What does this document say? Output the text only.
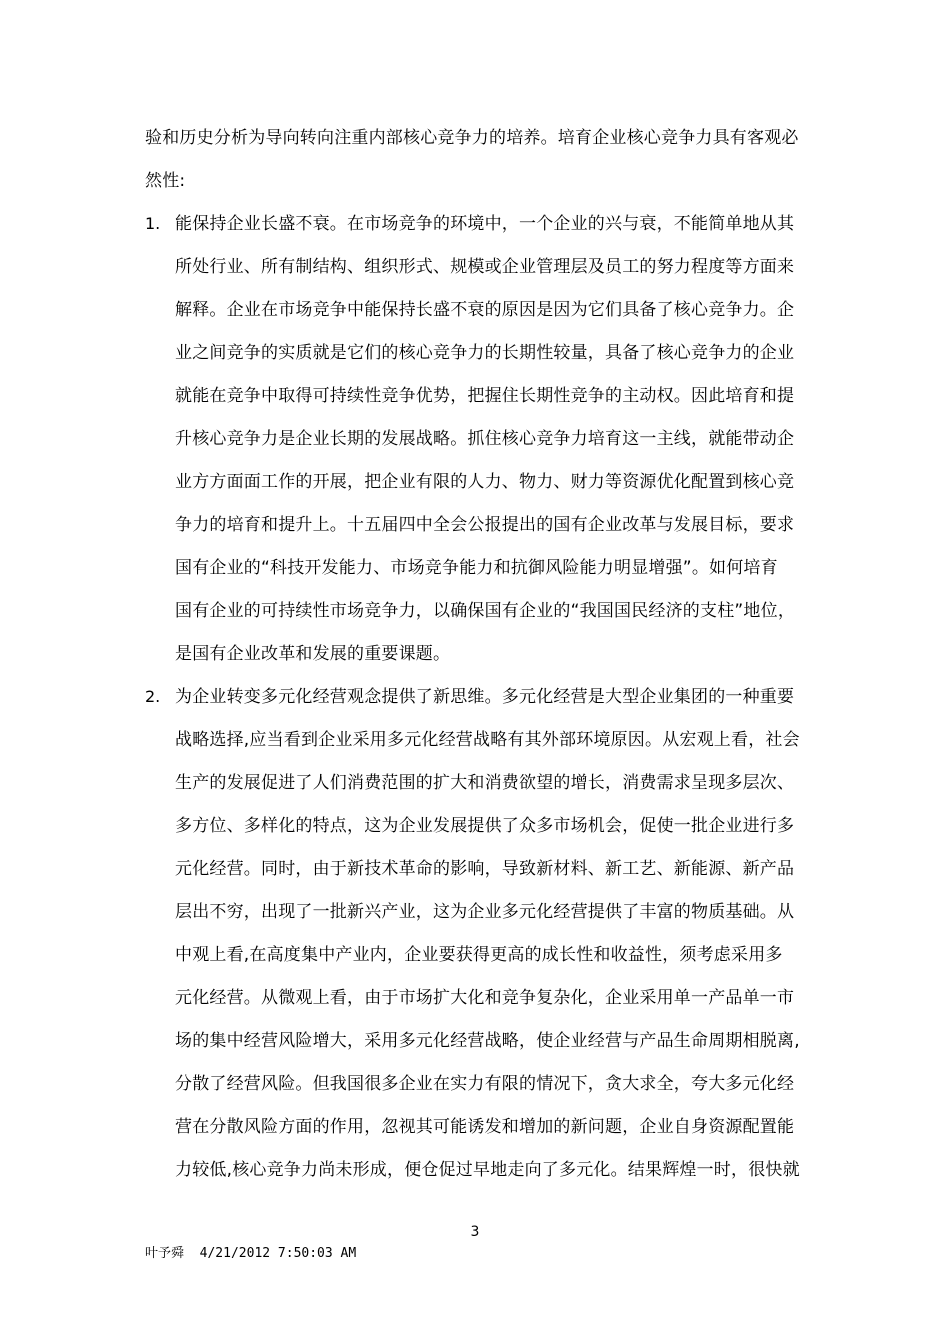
验和历史分析为导向转向注重内部核心竞争力的培养。培育企业核心竞争力具有客观必
然性:
1. 能保持企业长盛不衰。在市场竞争的环境中，一个企业的兴与衰，不能简单地从其
所处行业、所有制结构、组织形式、规模或企业管理层及员工的努力程度等方面来
解释。企业在市场竞争中能保持长盛不衰的原因是因为它们具备了核心竞争力。企
业之间竞争的实质就是它们的核心竞争力的长期性较量，具备了核心竞争力的企业
就能在竞争中取得可持续性竞争优势，把握住长期性竞争的主动权。因此培育和提
升核心竞争力是企业长期的发展战略。抓住核心竞争力培育这一主线，就能带动企
业方方面面工作的开展，把企业有限的人力、物力、财力等资源优化配置到核心竞
争力的培育和提升上。十五届四中全会公报提出的国有企业改革与发展目标，要求
国有企业的“科技开发能力、市场竞争能力和抗御风险能力明显增强”。如何培育
国有企业的可持续性市场竞争力，以确保国有企业的“我国国民经济的支柱”地位，
是国有企业改革和发展的重要课题。
2. 为企业转变多元化经营观念提供了新思维。多元化经营是大型企业集团的一种重要
战略选择,应当看到企业采用多元化经营战略有其外部环境原因。从宏观上看，社会
生产的发展促进了人们消费范围的扩大和消费欲望的增长，消费需求呈现多层次、
多方位、多样化的特点，这为企业发展提供了众多市场机会，促使一批企业进行多
元化经营。同时，由于新技术革命的影响，导致新材料、新工艺、新能源、新产品
层出不穷，出现了一批新兴产业，这为企业多元化经营提供了丰富的物质基础。从
中观上看,在高度集中产业内，企业要获得更高的成长性和收益性，须考虑采用多
元化经营。从微观上看，由于市场扩大化和竞争复杂化，企业采用单一产品单一市
场的集中经营风险增大，采用多元化经营战略，使企业经营与产品生命周期相脱离,
分散了经营风险。但我国很多企业在实力有限的情况下，贪大求全，夸大多元化经
营在分散风险方面的作用，忽视其可能诱发和增加的新问题，企业自身资源配置能
力较低,核心竞争力尚未形成，便仓促过早地走向了多元化。结果辉煌一时，很快就
3
叶予舜  4/21/2012 7:50:03 AM
